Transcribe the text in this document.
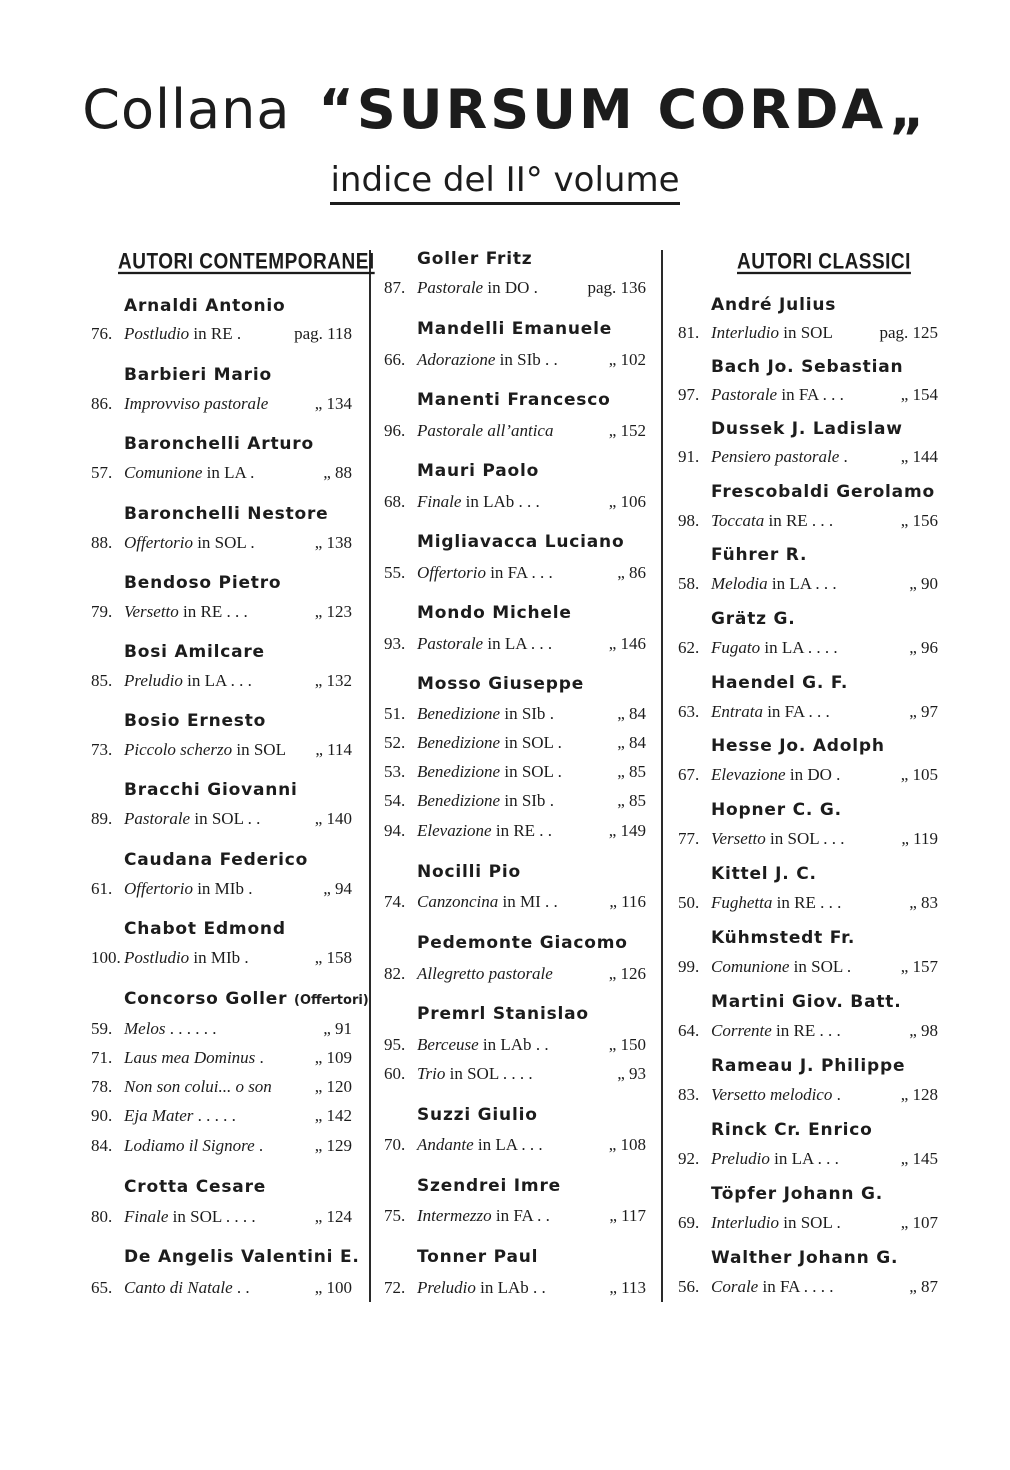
Collana “SURSUM CORDA„
indice del II° volume
AUTORI CONTEMPORANEI	AUTORI CLASSICI
Arnaldi Antonio
76. Postludio in RE .	pag. 118
Barbieri Mario
86. Improvviso pastorale	„ 134
Baronchelli Arturo
57. Comunione in LA .	„ 88
Baronchelli Nestore
88. Offertorio in SOL .	„ 138
Bendoso Pietro
79. Versetto in RE . . .	„ 123
Bosi Amilcare
85. Preludio in LA . . .	„ 132
Bosio Ernesto
73. Piccolo scherzo in SOL „ 114
Bracchi Giovanni
89. Pastorale in SOL . .	„ 140
Caudana Federico
61. Offertorio in MIb .	„ 94
Chabot Edmond
100. Postludio in MIb .	„ 158
Concorso Goller (Offertori)
59. Melos . . . . . .	„ 91
71. Laus mea Dominus .	„ 109
78. Non son colui... o son	„ 120
90. Eja Mater . . . . .	„ 142
84. Lodiamo il Signore .	„ 129
Crotta Cesare
80. Finale in SOL . . . .	„ 124
De Angelis Valentini E.
65. Canto di Natale . .	„ 100
Goller Fritz
87. Pastorale in DO .	pag. 136
Mandelli Emanuele
66. Adorazione in SIb . .	„ 102
Manenti Francesco
96. Pastorale all’antica	„ 152
Mauri Paolo
68. Finale in LAb . . .	„ 106
Migliavacca Luciano
55. Offertorio in FA . . .	„ 86
Mondo Michele
93. Pastorale in LA . . .	„ 146
Mosso Giuseppe
51. Benedizione in SIb .	„ 84
52. Benedizione in SOL .	„ 84
53. Benedizione in SOL .	„ 85
54. Benedizione in SIb .	„ 85
94. Elevazione in RE . .	„ 149
Nocilli Pio
74. Canzoncina in MI . .	„ 116
Pedemonte Giacomo
82. Allegretto pastorale	„ 126
Premrl Stanislao
95. Berceuse in LAb . .	„ 150
60. Trio in SOL . . . .	„ 93
Suzzi Giulio
70. Andante in LA . . .	„ 108
Szendrei Imre
75. Intermezzo in FA . .	„ 117
Tonner Paul
72. Preludio in LAb . .	„ 113
André Julius
81. Interludio in SOL	pag. 125
Bach Jo. Sebastian
97. Pastorale in FA . . .	„ 154
Dussek J. Ladislaw
91. Pensiero pastorale .	„ 144
Frescobaldi Gerolamo
98. Toccata in RE . . .	„ 156
Führer R.
58. Melodia in LA . . .	„ 90
Grätz G.
62. Fugato in LA . . . .	„ 96
Haendel G. F.
63. Entrata in FA . . .	„ 97
Hesse Jo. Adolph
67. Elevazione in DO .	„ 105
Hopner C. G.
77. Versetto in SOL . . .	„ 119
Kittel J. C.
50. Fughetta in RE . . .	„ 83
Kühmstedt Fr.
99. Comunione in SOL .	„ 157
Martini Giov. Batt.
64. Corrente in RE . . .	„ 98
Rameau J. Philippe
83. Versetto melodico .	„ 128
Rinck Cr. Enrico
92. Preludio in LA . . .	„ 145
Töpfer Johann G.
69. Interludio in SOL .	„ 107
Walther Johann G.
56. Corale in FA . . . .	„ 87
